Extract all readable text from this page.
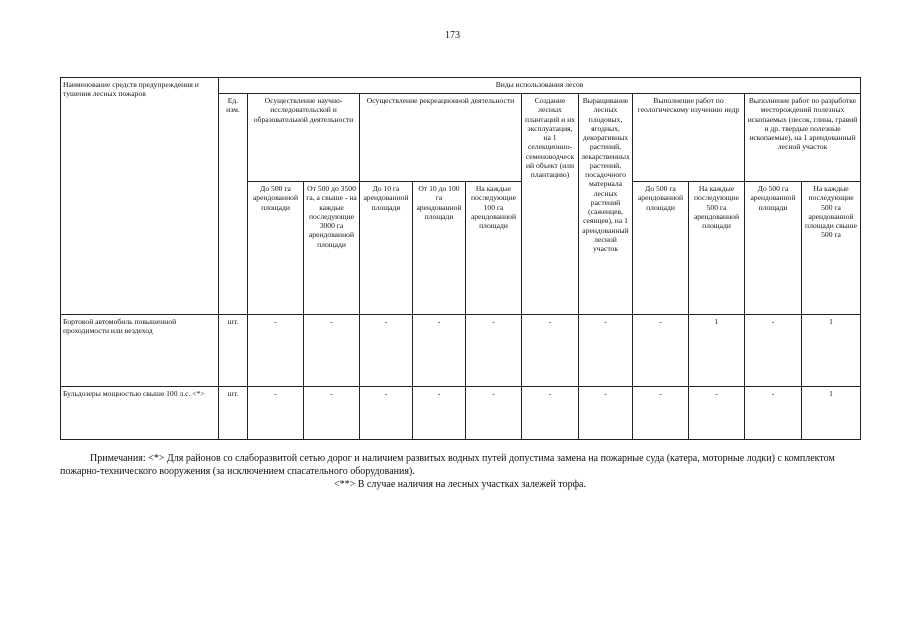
173
Наименование средств предупреждения и тушения лесных пожаров	Виды использования лесов											
	Ед. изм.	Осуществление научно-исследовательской и образовательной деятельности		Осуществление рекреационной деятельности			Создание лесных плантаций и их эксплуатация, на 1 селекционно-семеноводческий объект (или плантацию)	Выращивание лесных плодовых, ягодных, декоративных растений, лекарственных растений, посадочного материала лесных растений (саженцев, сеянцев), на 1 арендованный лесной участок	Выполнение работ по геологическому изучению недр		Выполнение работ по разработке месторождений полезных ископаемых (песок, глина, гравий и др. твердые полезные ископаемые), на 1 арендованный лесной участок	
		До 500 га арендованной площади	От 500 до 3500 га, а свыше - на каждые последующие 3000 га арендованной площади	До 10 га арендованной площади	От 10 до 100 га арендованной площади	На каждые последующие 100 га арендованной площади			До 500 га арендованной площади	На каждые последующие 500 га арендованной площади	До 500 га арендованной площади	На каждые последующие 500 га арендованной площади свыше 500 га
Бортовой автомобиль повышенной проходимости или вездеход	шт.	-	-	-	-	-	-	-	-	1	-	1
Бульдозеры мощностью свыше 100 л.с. <*>	шт.	-	-	-	-	-	-	-	-	-	-	1
Примечания: <*> Для районов со слаборазвитой сетью дорог и наличием развитых водных путей допустима замена на пожарные суда (катера, моторные лодки) с комплектом пожарно-технического вооружения (за исключением спасательного оборудования).
<**> В случае наличия на лесных участках залежей торфа.
